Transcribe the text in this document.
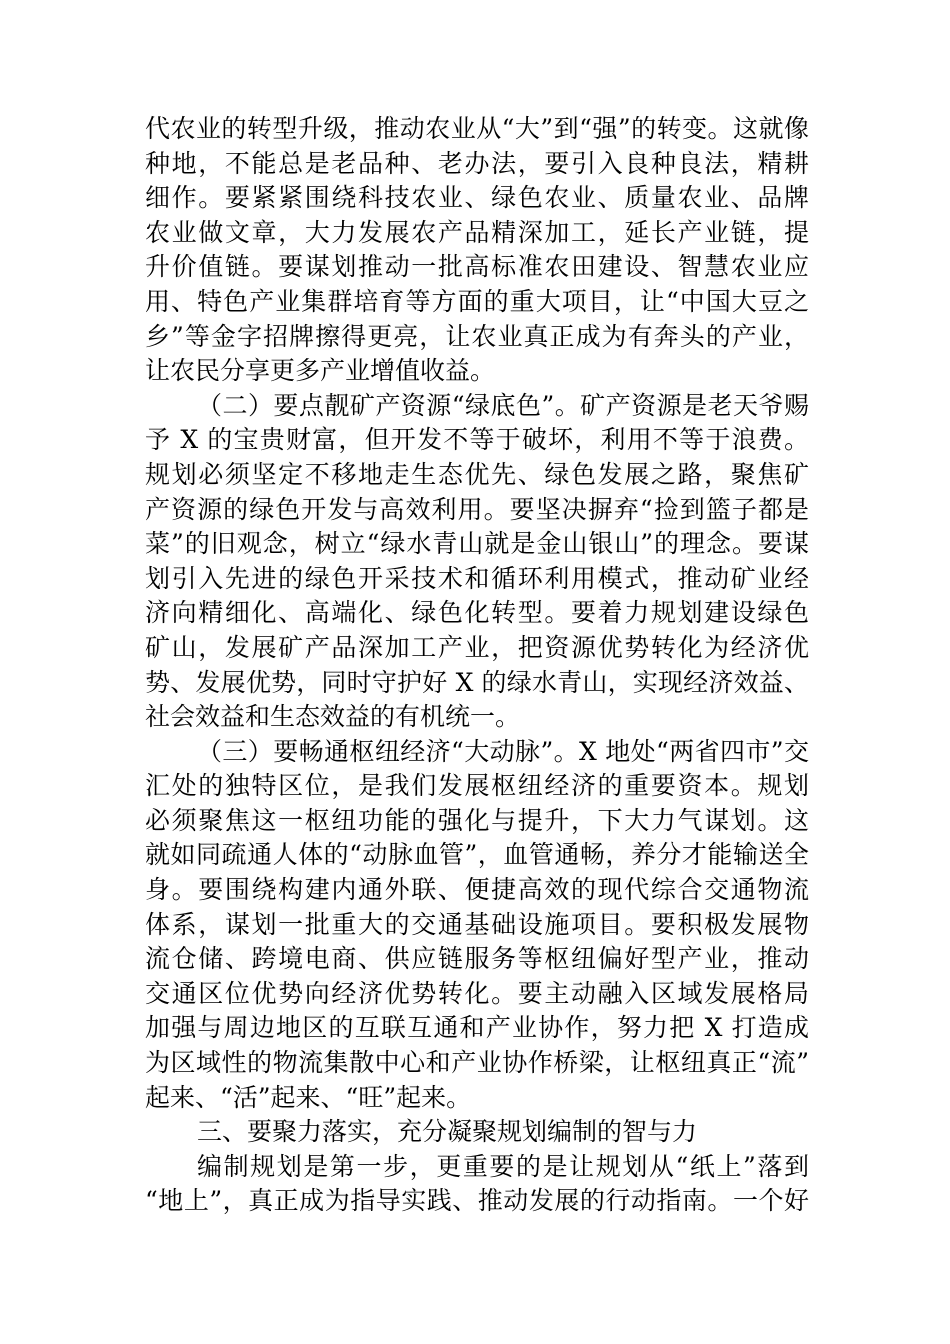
代农业的转型升级，推动农业从“大”到“强”的转变。这就像
种地，不能总是老品种、老办法，要引入良种良法，精耕
细作。要紧紧围绕科技农业、绿色农业、质量农业、品牌
农业做文章，大力发展农产品精深加工，延长产业链，提
升价值链。要谋划推动一批高标准农田建设、智慧农业应
用、特色产业集群培育等方面的重大项目，让“中国大豆之
乡”等金字招牌擦得更亮，让农业真正成为有奔头的产业，
让农民分享更多产业增值收益。
（二）要点靓矿产资源“绿底色”。矿产资源是老天爷赐
予 X 的宝贵财富，但开发不等于破坏，利用不等于浪费。
规划必须坚定不移地走生态优先、绿色发展之路，聚焦矿
产资源的绿色开发与高效利用。要坚决摒弃“捡到篮子都是
菜”的旧观念，树立“绿水青山就是金山银山”的理念。要谋
划引入先进的绿色开采技术和循环利用模式，推动矿业经
济向精细化、高端化、绿色化转型。要着力规划建设绿色
矿山，发展矿产品深加工产业，把资源优势转化为经济优
势、发展优势，同时守护好 X 的绿水青山，实现经济效益、
社会效益和生态效益的有机统一。
（三）要畅通枢纽经济“大动脉”。X 地处“两省四市”交
汇处的独特区位，是我们发展枢纽经济的重要资本。规划
必须聚焦这一枢纽功能的强化与提升，下大力气谋划。这
就如同疏通人体的“动脉血管”，血管通畅，养分才能输送全
身。要围绕构建内通外联、便捷高效的现代综合交通物流
体系，谋划一批重大的交通基础设施项目。要积极发展物
流仓储、跨境电商、供应链服务等枢纽偏好型产业，推动
交通区位优势向经济优势转化。要主动融入区域发展格局
加强与周边地区的互联互通和产业协作，努力把 X 打造成
为区域性的物流集散中心和产业协作桥梁，让枢纽真正“流”
起来、“活”起来、“旺”起来。
三、要聚力落实，充分凝聚规划编制的智与力
编制规划是第一步，更重要的是让规划从“纸上”落到
“地上”，真正成为指导实践、推动发展的行动指南。一个好
